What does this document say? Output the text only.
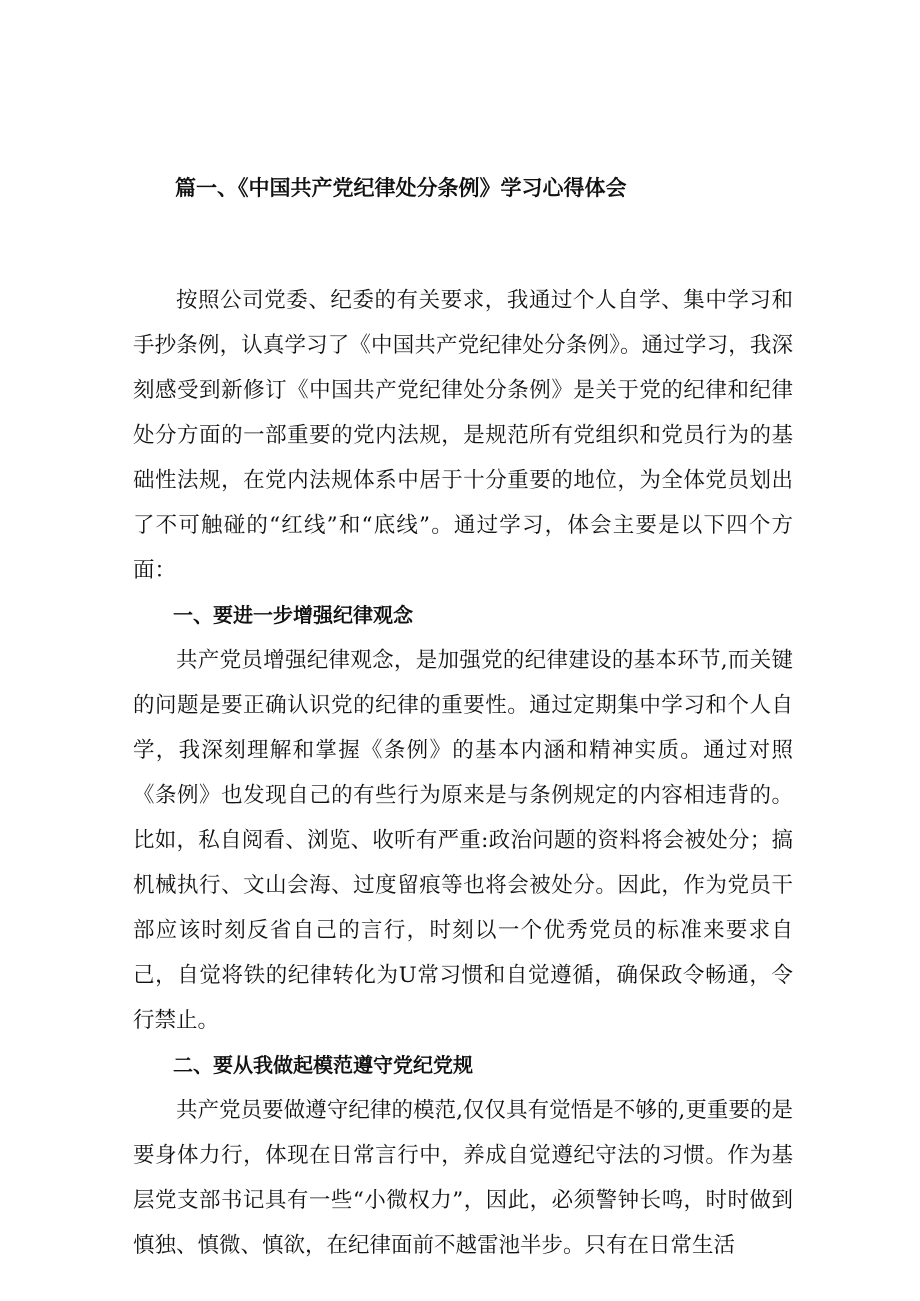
篇一、《中国共产党纪律处分条例》学习心得体会

按照公司党委、纪委的有关要求，我通过个人自学、集中学习和手抄条例，认真学习了《中国共产党纪律处分条例》。通过学习，我深刻感受到新修订《中国共产党纪律处分条例》是关于党的纪律和纪律处分方面的一部重要的党内法规，是规范所有党组织和党员行为的基础性法规，在党内法规体系中居于十分重要的地位，为全体党员划出了不可触碰的“红线”和“底线”。通过学习，体会主要是以下四个方面：

一、要进一步增强纪律观念

共产党员增强纪律观念，是加强党的纪律建设的基本环节,而关键的问题是要正确认识党的纪律的重要性。通过定期集中学习和个人自学，我深刻理解和掌握《条例》的基本内涵和精神实质。通过对照《条例》也发现自己的有些行为原来是与条例规定的内容相违背的。比如，私自阅看、浏览、收听有严重:政治问题的资料将会被处分；搞机械执行、文山会海、过度留痕等也将会被处分。因此，作为党员干部应该时刻反省自己的言行，时刻以一个优秀党员的标准来要求自己，自觉将铁的纪律转化为U常习惯和自觉遵循，确保政令畅通，令行禁止。

二、要从我做起模范遵守党纪党规

共产党员要做遵守纪律的模范,仅仅具有觉悟是不够的,更重要的是要身体力行，体现在日常言行中，养成自觉遵纪守法的习惯。作为基层党支部书记具有一些“小微权力”，因此，必须警钟长鸣，时时做到慎独、慎微、慎欲，在纪律面前不越雷池半步。只有在日常生活
